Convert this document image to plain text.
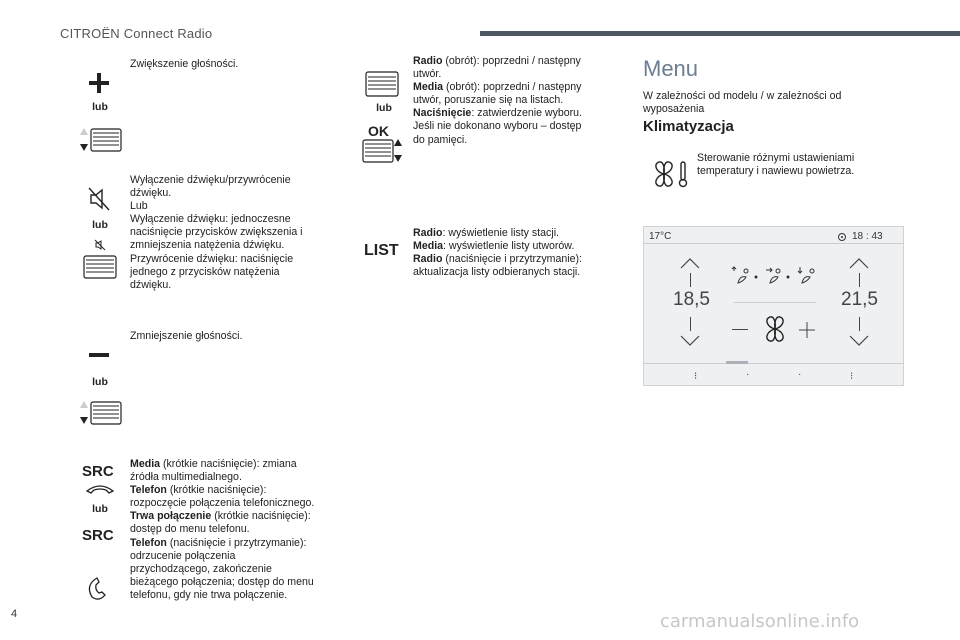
CITROËN Connect Radio
lub
Zwiększenie głośności.
lub
Wyłączenie dźwięku/przywrócenie
dźwięku.
Lub
Wyłączenie dźwięku: jednoczesne
naciśnięcie przycisków zwiększenia i
zmniejszenia natężenia dźwięku.
Przywrócenie dźwięku: naciśnięcie
jednego z przycisków natężenia
dźwięku.
lub
Zmniejszenie głośności.
SRC
lub
SRC
Media (krótkie naciśnięcie): zmiana
źródła multimedialnego.
Telefon (krótkie naciśnięcie):
rozpoczęcie połączenia telefonicznego.
Trwa połączenie (krótkie naciśnięcie):
dostęp do menu telefonu.
Telefon (naciśnięcie i przytrzymanie):
odrzucenie połączenia
przychodzącego, zakończenie
bieżącego połączenia; dostęp do menu
telefonu, gdy nie trwa połączenie.
lub
OK
Radio (obrót): poprzedni / następny
utwór.
Media (obrót): poprzedni / następny
utwór, poruszanie się na listach.
Naciśnięcie: zatwierdzenie wyboru.
Jeśli nie dokonano wyboru – dostęp
do pamięci.
LIST
Radio: wyświetlenie listy stacji.
Media: wyświetlenie listy utworów.
Radio (naciśnięcie i przytrzymanie):
aktualizacja listy odbieranych stacji.
Menu
W zależności od modelu / w zależności od
wyposażenia
Klimatyzacja
Sterowanie różnymi ustawieniami
temperatury i nawiewu powietrza.
17°C	18 : 43
18,5	21,5
⁝	·	·	⁝
4	carmanualsonline.info
